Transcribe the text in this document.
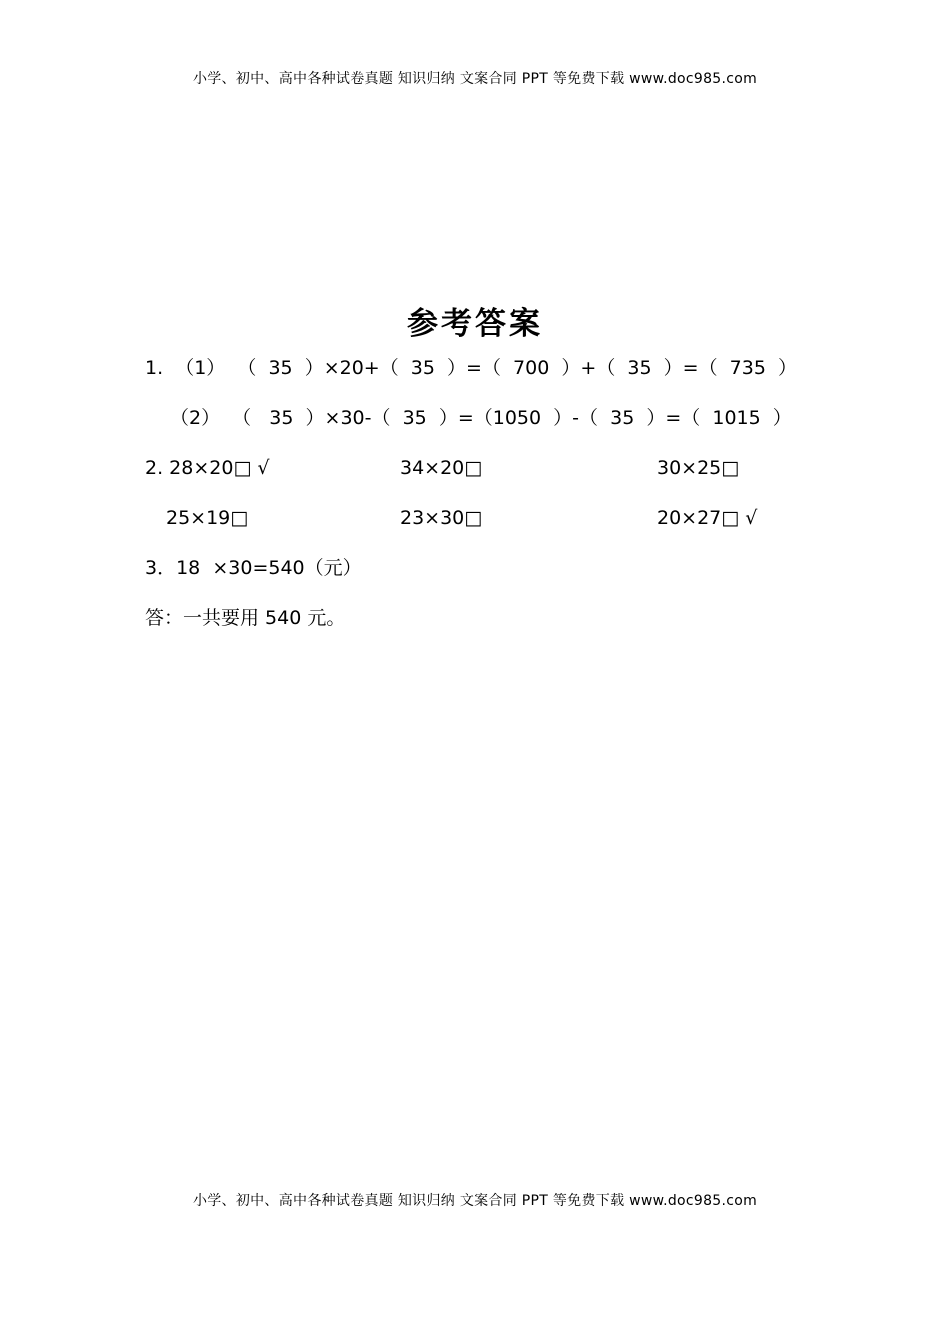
小学、初中、高中各种试卷真题 知识归纳 文案合同 PPT 等免费下载 www.doc985.com
参考答案
1.  （1）  （  35  ）×20+（  35  ）=（  700  ）+（  35  ）=（  735  ）
（2）  （   35  ）×30-（  35  ）=（1050  ）-（  35  ）=（  1015  ）
2. 28×20□ √	34×20□	30×25□
25×19□	23×30□	20×27□ √
3．18  ×30=540（元）
答：一共要用 540 元。
小学、初中、高中各种试卷真题 知识归纳 文案合同 PPT 等免费下载 www.doc985.com
